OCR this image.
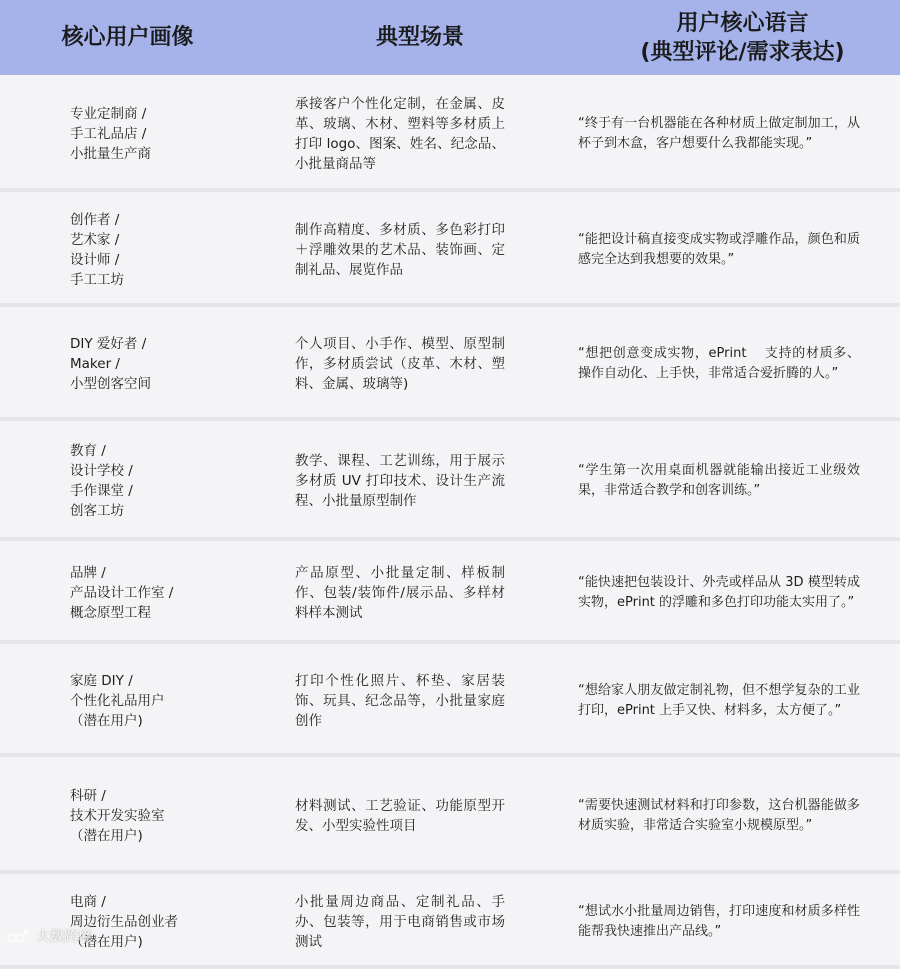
核心用户画像	典型场景
用户核心语言
(典型评论/需求表达)
专业定制商 /
手工礼品店 /
小批量生产商
承接客户个性化定制，在金属、皮革、玻璃、木材、塑料等多材质上打印 logo、图案、姓名、纪念品、小批量商品等
“终于有一台机器能在各种材质上做定制加工，从杯子到木盒，客户想要什么我都能实现。”
创作者 /
艺术家 /
设计师 /
手工工坊
制作高精度、多材质、多色彩打印＋浮雕效果的艺术品、装饰画、定制礼品、展览作品
“能把设计稿直接变成实物或浮雕作品，颜色和质感完全达到我想要的效果。”
DIY 爱好者 /
Maker /
小型创客空间
个人项目、小手作、模型、原型制作，多材质尝试（皮革、木材、塑料、金属、玻璃等)
“想把创意变成实物，ePrint 　支持的材质多、操作自动化、上手快，非常适合爱折腾的人。”
教育 /
设计学校 /
手作课堂 /
创客工坊
教学、课程、工艺训练，用于展示多材质 UV 打印技术、设计生产流程、小批量原型制作
“学生第一次用桌面机器就能输出接近工业级效果，非常适合教学和创客训练。”
品牌 /
产品设计工作室 /
概念原型工程
产品原型、小批量定制、样板制作、包装/装饰件/展示品、多样材料样本测试
“能快速把包装设计、外壳或样品从 3D 模型转成实物，ePrint 的浮雕和多色打印功能太实用了。”
家庭 DIY /
个性化礼品用户
（潜在用户)
打印个性化照片、杯垫、家居装饰、玩具、纪念品等，小批量家庭创作
“想给家人朋友做定制礼物，但不想学复杂的工业打印，ePrint 上手又快、材料多，太方便了。”
科研 /
技术开发实验室
（潜在用户)
材料测试、工艺验证、功能原型开发、小型实验性项目
“需要快速测试材料和打印参数，这台机器能做多材质实验，非常适合实验室小规模原型。”
电商 /
周边衍生品创业者
（潜在用户)
小批量周边商品、定制礼品、手办、包装等，用于电商销售或市场测试
“想试水小批量周边销售，打印速度和材质多样性能帮我快速推出产品线。”
大数跨境
